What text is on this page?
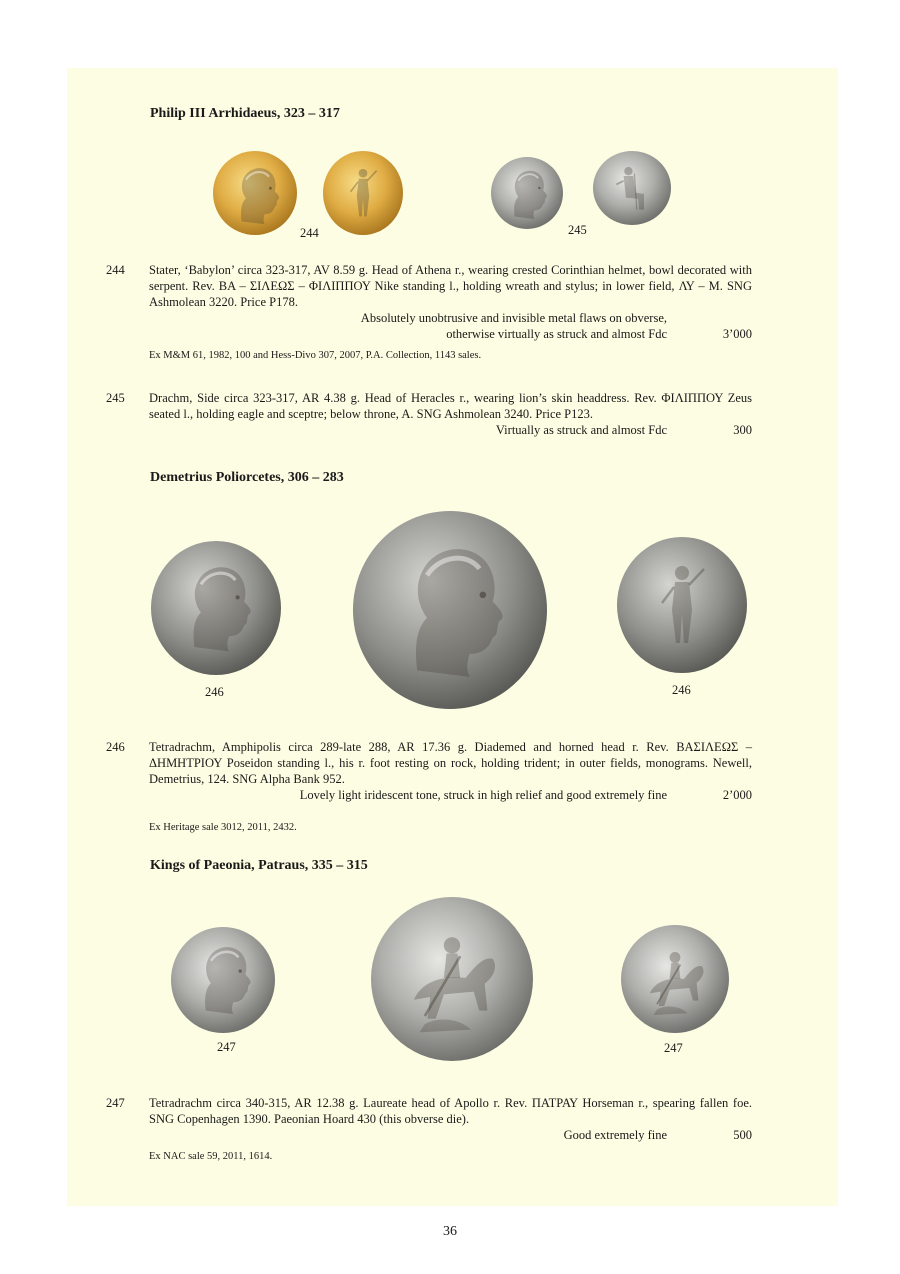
Philip III Arrhidaeus, 323 – 317
244	245
244 Stater, ‘Babylon’ circa 323-317, AV 8.59 g. Head of Athena r., wearing crested Corinthian helmet, bowl decorated with serpent. Rev. ΒΑ – ΣΙΛΕΩΣ – ΦΙΛΙΠΠΟΥ Nike standing l., holding wreath and stylus; in lower field, ΛΥ – Μ. SNG Ashmolean 3220. Price P178.
Absolutely unobtrusive and invisible metal flaws on obverse,
otherwise virtually as struck and almost Fdc	3’000
Ex M&M 61, 1982, 100 and Hess-Divo 307, 2007, P.A. Collection, 1143 sales.
245 Drachm, Side circa 323-317, AR 4.38 g. Head of Heracles r., wearing lion’s skin headdress. Rev. ΦΙΛΙΠΠΟΥ Zeus seated l., holding eagle and sceptre; below throne, A. SNG Ashmolean 3240. Price P123.
Virtually as struck and almost Fdc	300
Demetrius Poliorcetes, 306 – 283
246	246
246 Tetradrachm, Amphipolis circa 289-late 288, AR 17.36 g. Diademed and horned head r. Rev. ΒΑΣΙΛΕΩΣ – ΔΗΜΗΤΡΙΟΥ Poseidon standing l., his r. foot resting on rock, holding trident; in outer fields, monograms. Newell, Demetrius, 124. SNG Alpha Bank 952.
Lovely light iridescent tone, struck in high relief and good extremely fine	2’000
Ex Heritage sale 3012, 2011, 2432.
Kings of Paeonia, Patraus, 335 – 315
247	247
247 Tetradrachm circa 340-315, AR 12.38 g. Laureate head of Apollo r. Rev. ΠΑΤΡΑΥ Horseman r., spearing fallen foe. SNG Copenhagen 1390. Paeonian Hoard 430 (this obverse die).
Good extremely fine	500
Ex NAC sale 59, 2011, 1614.
36
